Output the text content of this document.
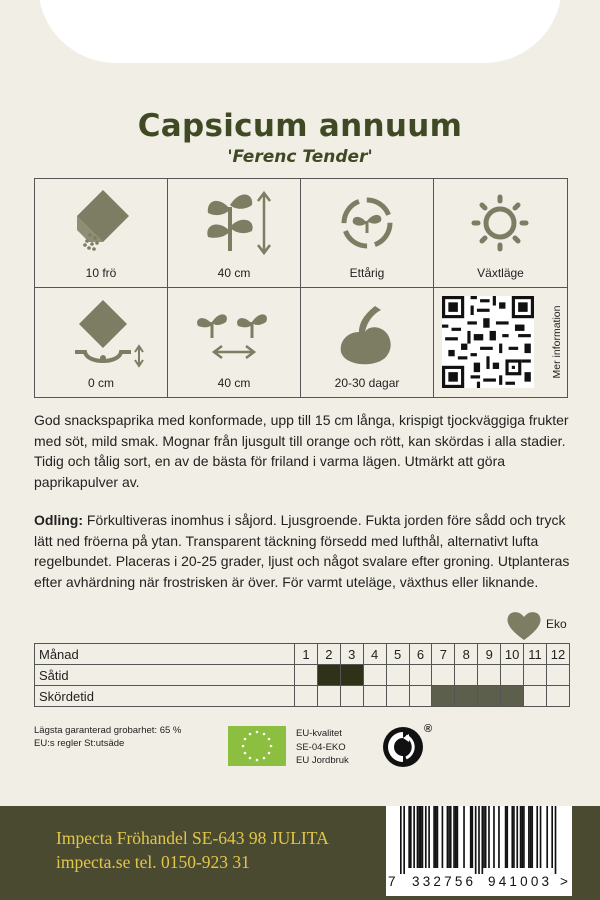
Capsicum annuum
'Ferenc Tender'
10 frö	40 cm	Ettårig	Växtläge
0 cm	40 cm	20-30 dagar
Mer information

God snackspaprika med konformade, upp till 15 cm långa, krispigt tjockväggiga frukter med söt, mild smak. Mognar från ljusgult till orange och rött, kan skördas i alla stadier. Tidig och tålig sort, en av de bästa för friland i varma lägen. Utmärkt att göra paprikapulver av.

Odling: Förkultiveras inomhus i såjord. Ljusgroende. Fukta jorden före sådd och tryck lätt ned fröerna på ytan. Transparent täckning försedd med lufthål, alternativt lufta regelbundet. Placeras i 20-25 grader, ljust och något svalare efter groning. Utplanteras efter avhärdning när frostrisken är över. För varmt uteläge, växthus eller liknande.

Eko
Månad	1	2	3	4	5	6	7	8	9	10	11	12
Såtid												
Skördetid												
Lägsta garanterad grobarhet: 65 %
EU:s regler St:utsäde
EU-kvalitet
SE-04-EKO
EU Jordbruk
®
Impecta Fröhandel SE-643 98 JULITA
impecta.se tel. 0150-923 31
7 332756 941003 >
